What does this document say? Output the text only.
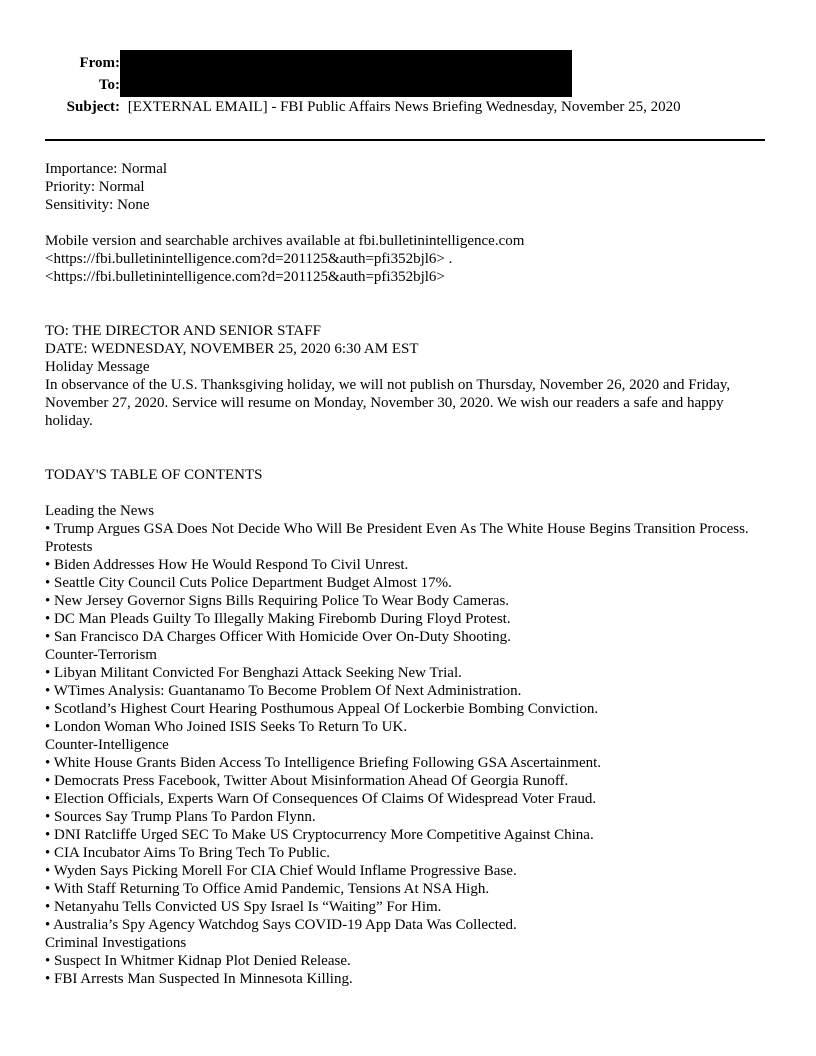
From:
To:
Subject: [EXTERNAL EMAIL] - FBI Public Affairs News Briefing Wednesday, November 25, 2020
Importance: Normal
Priority: Normal
Sensitivity: None
Mobile version and searchable archives available at fbi.bulletinintelligence.com
<https://fbi.bulletinintelligence.com?d=201125&auth=pfi352bjl6> .
<https://fbi.bulletinintelligence.com?d=201125&auth=pfi352bjl6>
TO: THE DIRECTOR AND SENIOR STAFF
DATE: WEDNESDAY, NOVEMBER 25, 2020 6:30 AM EST
Holiday Message
In observance of the U.S. Thanksgiving holiday, we will not publish on Thursday, November 26, 2020 and Friday, November 27, 2020. Service will resume on Monday, November 30, 2020. We wish our readers a safe and happy holiday.
TODAY'S TABLE OF CONTENTS
Leading the News
• Trump Argues GSA Does Not Decide Who Will Be President Even As The White House Begins Transition Process.
Protests
• Biden Addresses How He Would Respond To Civil Unrest.
• Seattle City Council Cuts Police Department Budget Almost 17%.
• New Jersey Governor Signs Bills Requiring Police To Wear Body Cameras.
• DC Man Pleads Guilty To Illegally Making Firebomb During Floyd Protest.
• San Francisco DA Charges Officer With Homicide Over On-Duty Shooting.
Counter-Terrorism
• Libyan Militant Convicted For Benghazi Attack Seeking New Trial.
• WTimes Analysis: Guantanamo To Become Problem Of Next Administration.
• Scotland’s Highest Court Hearing Posthumous Appeal Of Lockerbie Bombing Conviction.
• London Woman Who Joined ISIS Seeks To Return To UK.
Counter-Intelligence
• White House Grants Biden Access To Intelligence Briefing Following GSA Ascertainment.
• Democrats Press Facebook, Twitter About Misinformation Ahead Of Georgia Runoff.
• Election Officials, Experts Warn Of Consequences Of Claims Of Widespread Voter Fraud.
• Sources Say Trump Plans To Pardon Flynn.
• DNI Ratcliffe Urged SEC To Make US Cryptocurrency More Competitive Against China.
• CIA Incubator Aims To Bring Tech To Public.
• Wyden Says Picking Morell For CIA Chief Would Inflame Progressive Base.
• With Staff Returning To Office Amid Pandemic, Tensions At NSA High.
• Netanyahu Tells Convicted US Spy Israel Is “Waiting” For Him.
• Australia’s Spy Agency Watchdog Says COVID-19 App Data Was Collected.
Criminal Investigations
• Suspect In Whitmer Kidnap Plot Denied Release.
• FBI Arrests Man Suspected In Minnesota Killing.
